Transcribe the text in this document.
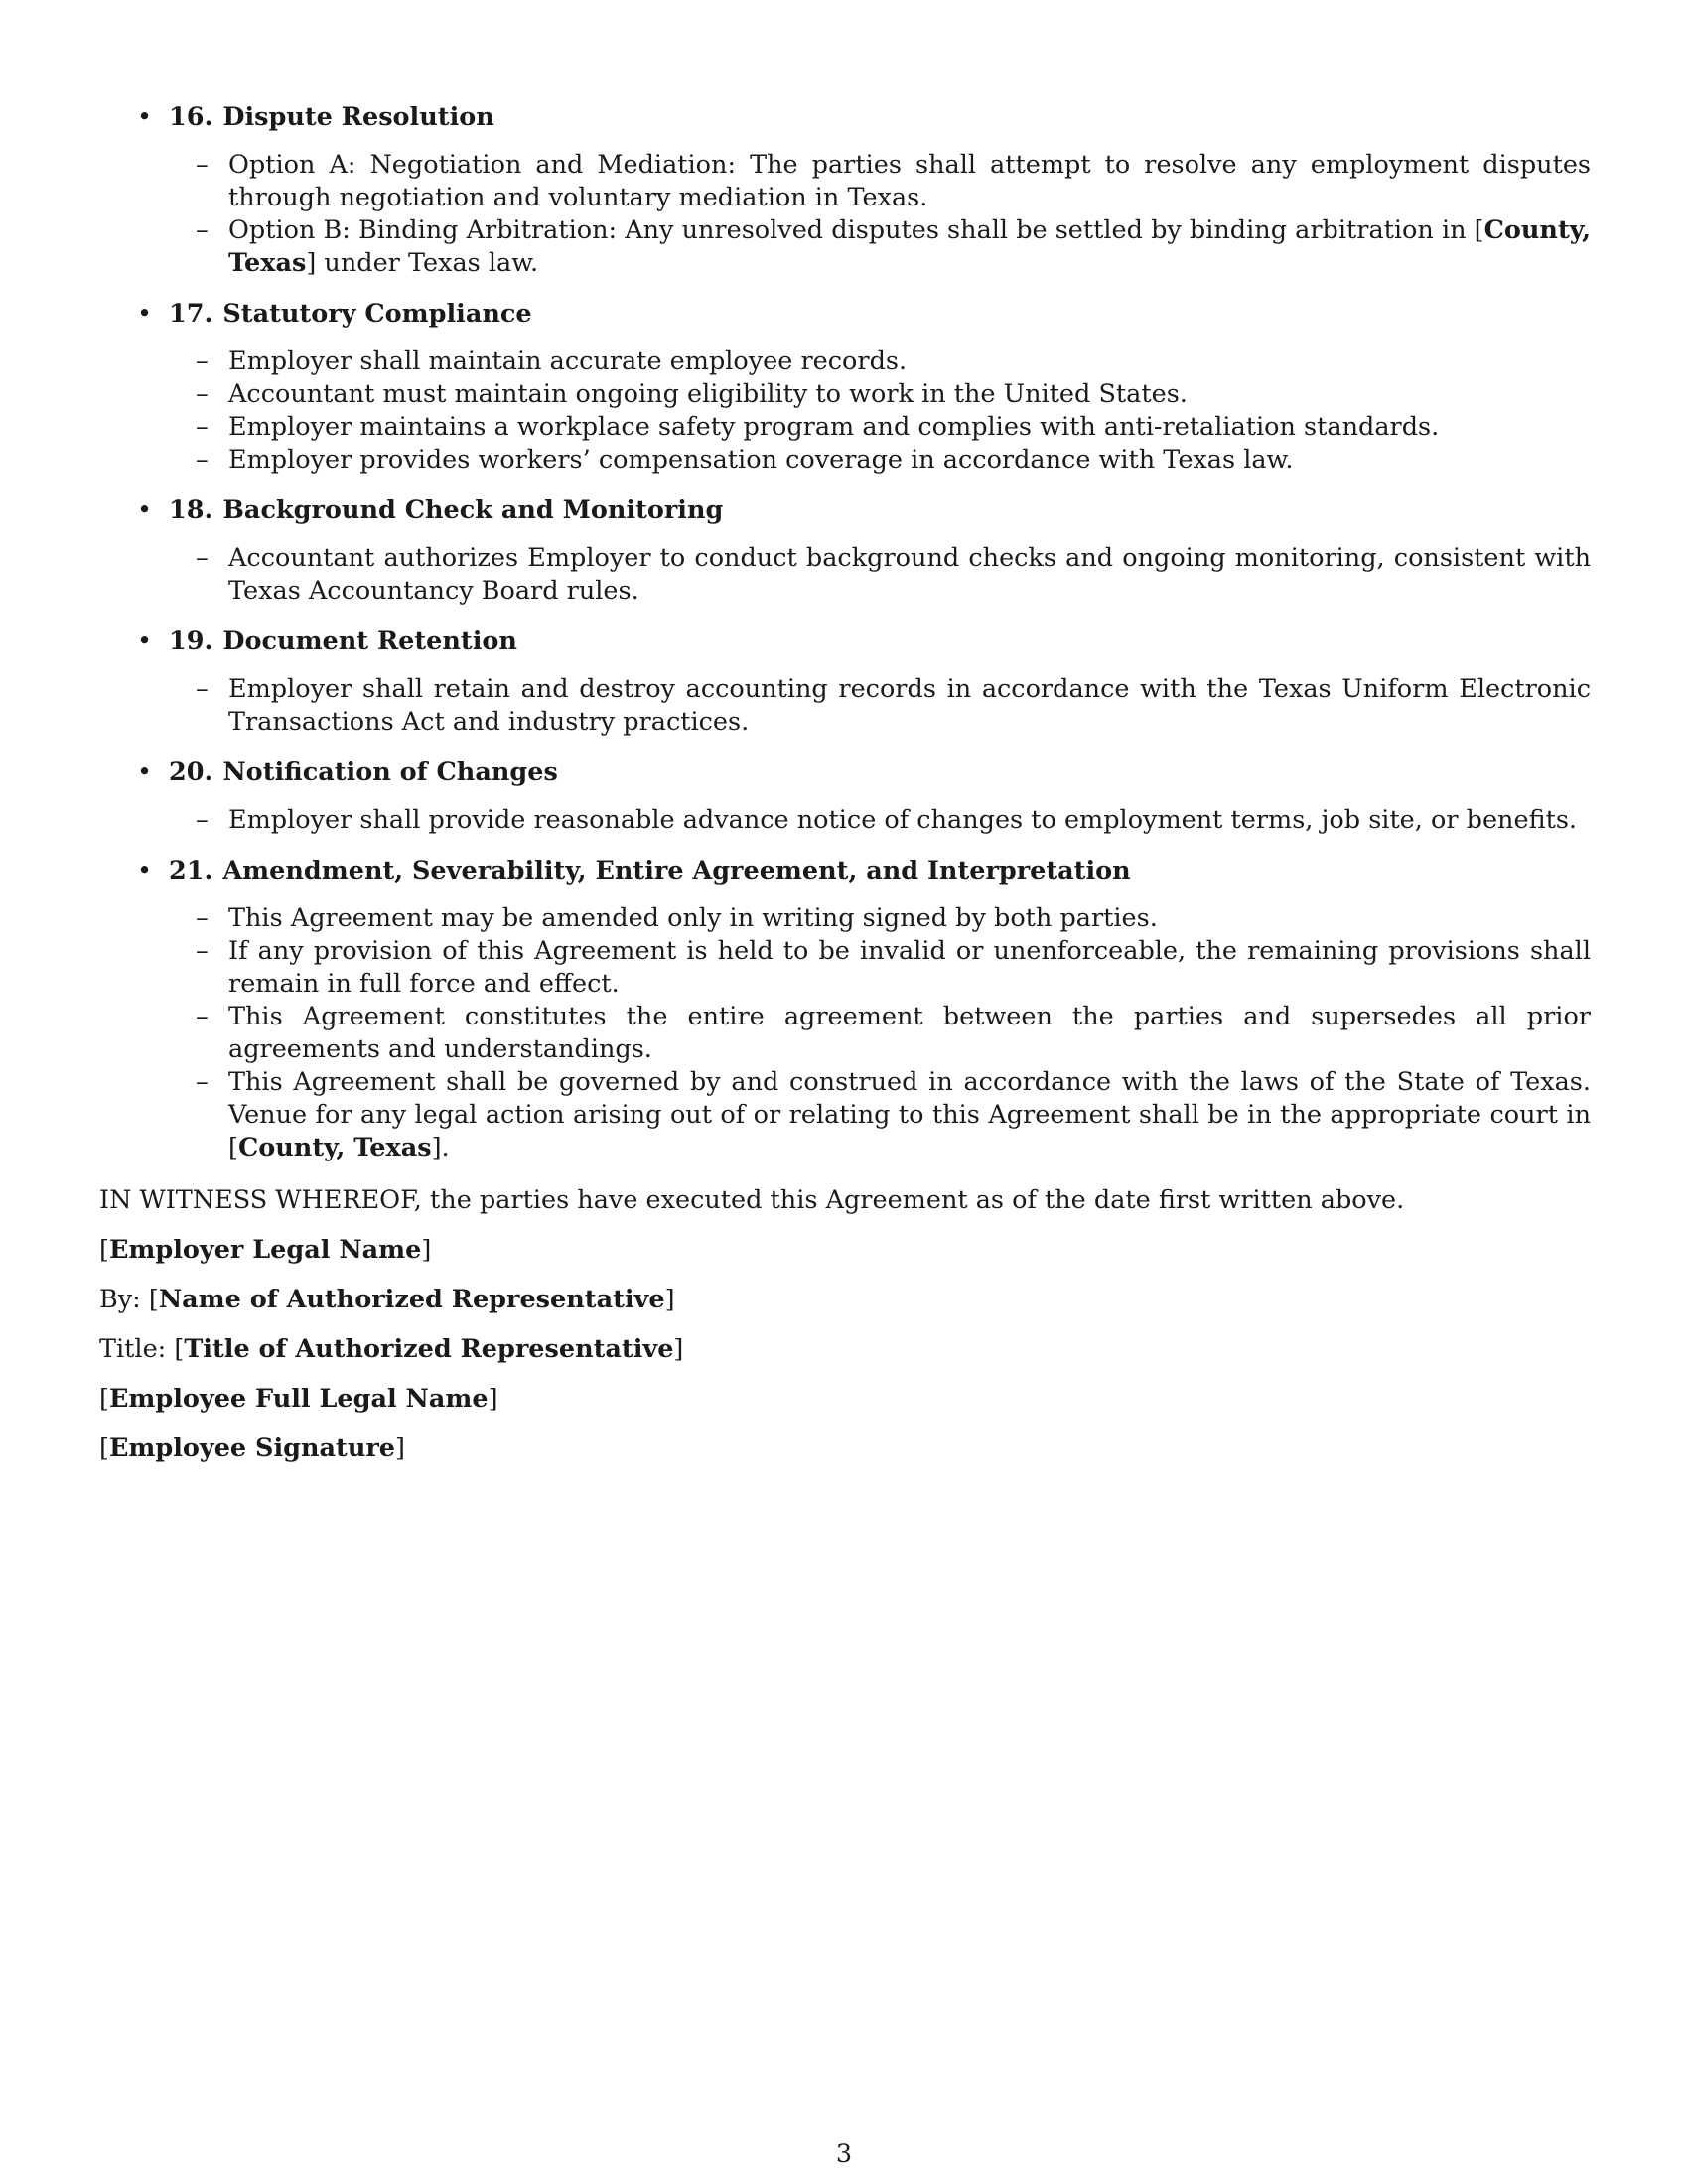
• 16. Dispute Resolution
– Option A: Negotiation and Mediation: The parties shall attempt to resolve any employment disputes through negotiation and voluntary mediation in Texas.
– Option B: Binding Arbitration: Any unresolved disputes shall be settled by binding arbitration in [County, Texas] under Texas law.
• 17. Statutory Compliance
– Employer shall maintain accurate employee records.
– Accountant must maintain ongoing eligibility to work in the United States.
– Employer maintains a workplace safety program and complies with anti-retaliation standards.
– Employer provides workers’ compensation coverage in accordance with Texas law.
• 18. Background Check and Monitoring
– Accountant authorizes Employer to conduct background checks and ongoing monitoring, consistent with Texas Accountancy Board rules.
• 19. Document Retention
– Employer shall retain and destroy accounting records in accordance with the Texas Uniform Electronic Transactions Act and industry practices.
• 20. Notification of Changes
– Employer shall provide reasonable advance notice of changes to employment terms, job site, or benefits.
• 21. Amendment, Severability, Entire Agreement, and Interpretation
– This Agreement may be amended only in writing signed by both parties.
– If any provision of this Agreement is held to be invalid or unenforceable, the remaining provisions shall remain in full force and effect.
– This Agreement constitutes the entire agreement between the parties and supersedes all prior agreements and understandings.
– This Agreement shall be governed by and construed in accordance with the laws of the State of Texas. Venue for any legal action arising out of or relating to this Agreement shall be in the appropriate court in [County, Texas].
IN WITNESS WHEREOF, the parties have executed this Agreement as of the date first written above.
[Employer Legal Name]
By: [Name of Authorized Representative]
Title: [Title of Authorized Representative]
[Employee Full Legal Name]
[Employee Signature]
3
